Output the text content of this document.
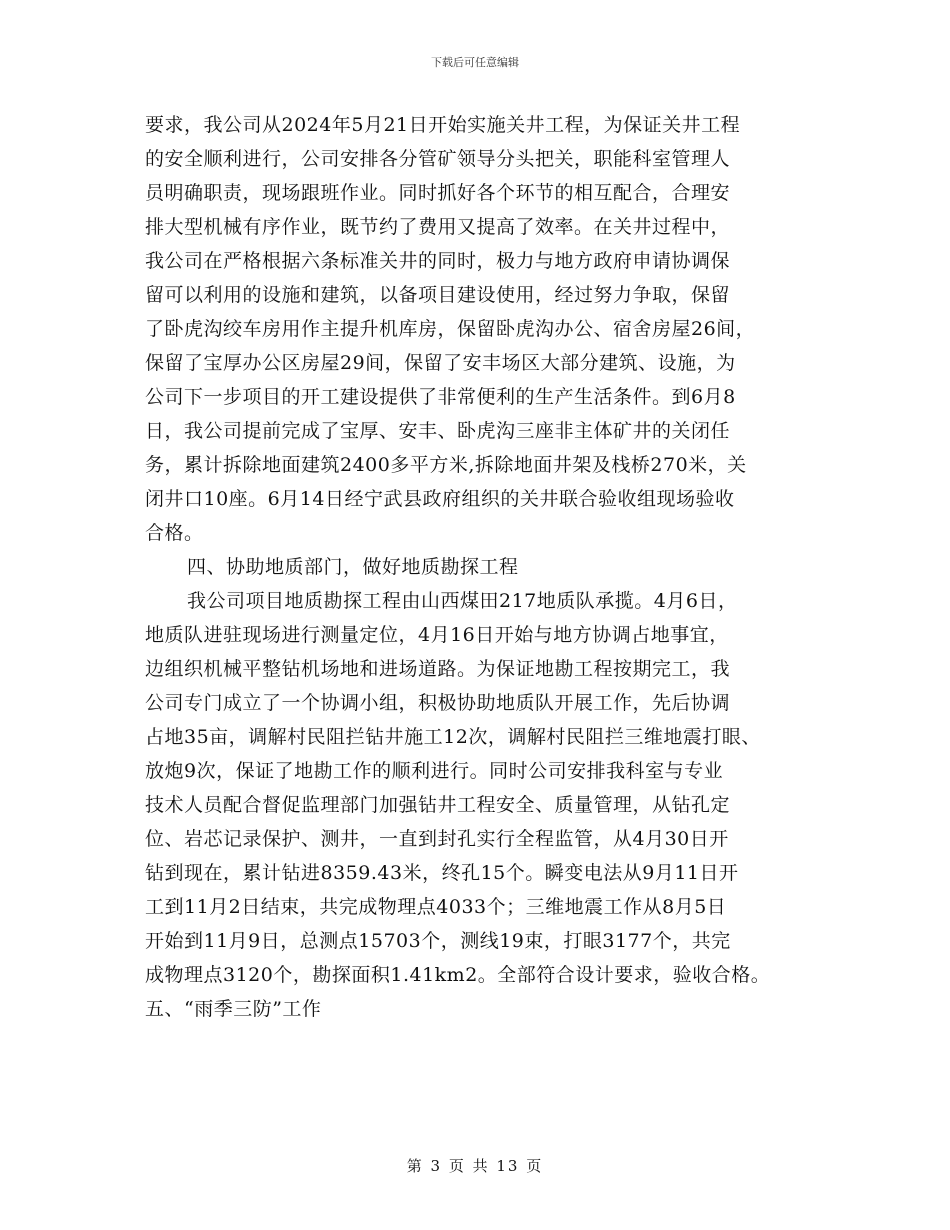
下载后可任意编辑
要求，我公司从2024年5月21日开始实施关井工程，为保证关井工程
的安全顺利进行，公司安排各分管矿领导分头把关，职能科室管理人
员明确职责，现场跟班作业。同时抓好各个环节的相互配合，合理安
排大型机械有序作业，既节约了费用又提高了效率。在关井过程中，
我公司在严格根据六条标准关井的同时，极力与地方政府申请协调保
留可以利用的设施和建筑，以备项目建设使用，经过努力争取，保留
了卧虎沟绞车房用作主提升机库房，保留卧虎沟办公、宿舍房屋26间，
保留了宝厚办公区房屋29间，保留了安丰场区大部分建筑、设施，为
公司下一步项目的开工建设提供了非常便利的生产生活条件。到6月8
日，我公司提前完成了宝厚、安丰、卧虎沟三座非主体矿井的关闭任
务，累计拆除地面建筑2400多平方米,拆除地面井架及栈桥270米，关
闭井口10座。6月14日经宁武县政府组织的关井联合验收组现场验收
合格。
四、协助地质部门，做好地质勘探工程
我公司项目地质勘探工程由山西煤田217地质队承揽。4月6日，
地质队进驻现场进行测量定位，4月16日开始与地方协调占地事宜，
边组织机械平整钻机场地和进场道路。为保证地勘工程按期完工，我
公司专门成立了一个协调小组，积极协助地质队开展工作，先后协调
占地35亩，调解村民阻拦钻井施工12次，调解村民阻拦三维地震打眼、
放炮9次，保证了地勘工作的顺利进行。同时公司安排我科室与专业
技术人员配合督促监理部门加强钻井工程安全、质量管理，从钻孔定
位、岩芯记录保护、测井，一直到封孔实行全程监管，从4月30日开
钻到现在，累计钻进8359.43米，终孔15个。瞬变电法从9月11日开
工到11月2日结束，共完成物理点4033个；三维地震工作从8月5日
开始到11月9日，总测点15703个，测线19束，打眼3177个，共完
成物理点3120个，勘探面积1.41km2。全部符合设计要求，验收合格。
五、“雨季三防”工作
第 3 页 共 13 页
